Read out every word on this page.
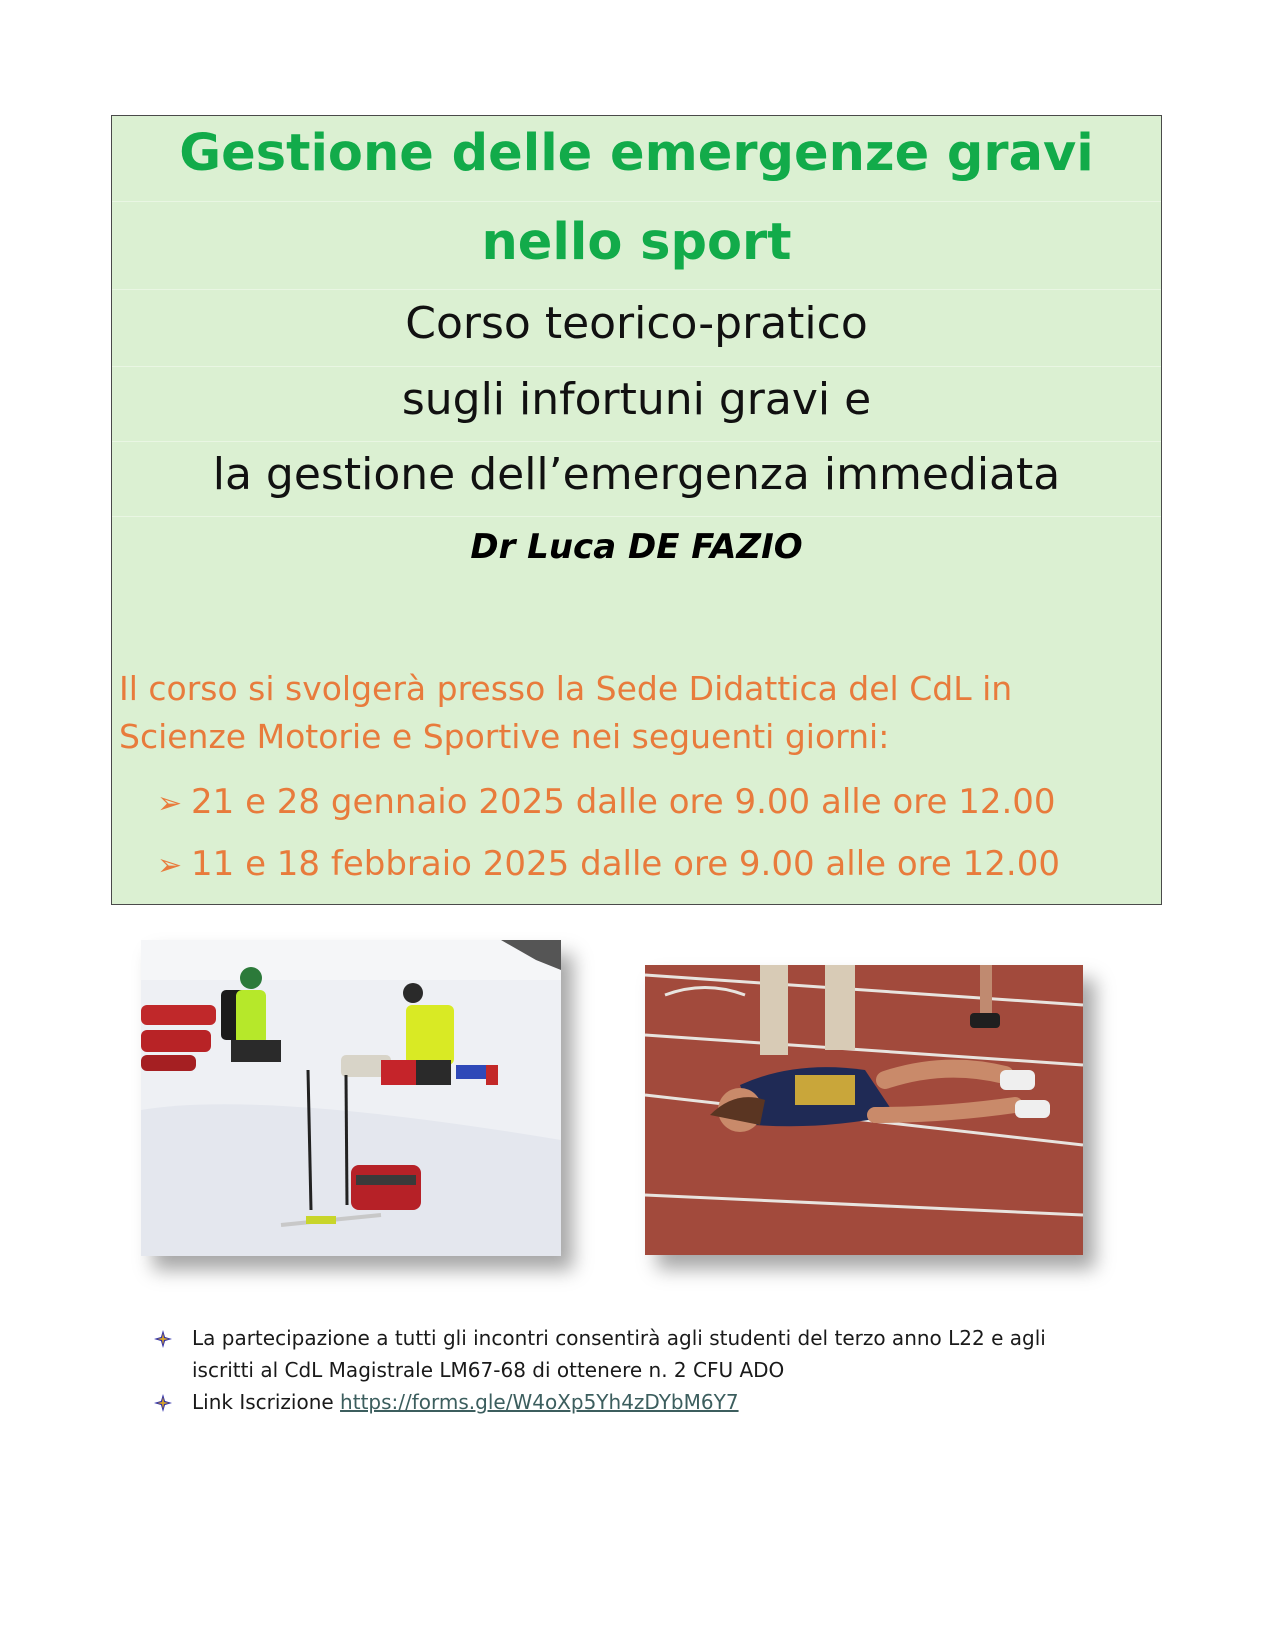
Gestione delle emergenze gravi
nello sport
Corso teorico-pratico
sugli infortuni gravi e
la gestione dell’emergenza immediata
Dr Luca DE FAZIO
Il corso si svolgerà presso la Sede Didattica del CdL in
Scienze Motorie e Sportive nei seguenti giorni:
➢ 21 e 28 gennaio 2025 dalle ore 9.00 alle ore 12.00
➢ 11 e 18 febbraio 2025 dalle ore 9.00 alle ore 12.00
La partecipazione a tutti gli incontri consentirà agli studenti del terzo anno L22 e agli
iscritti al CdL Magistrale LM67-68 di ottenere n. 2 CFU ADO
Link Iscrizione https://forms.gle/W4oXp5Yh4zDYbM6Y7
